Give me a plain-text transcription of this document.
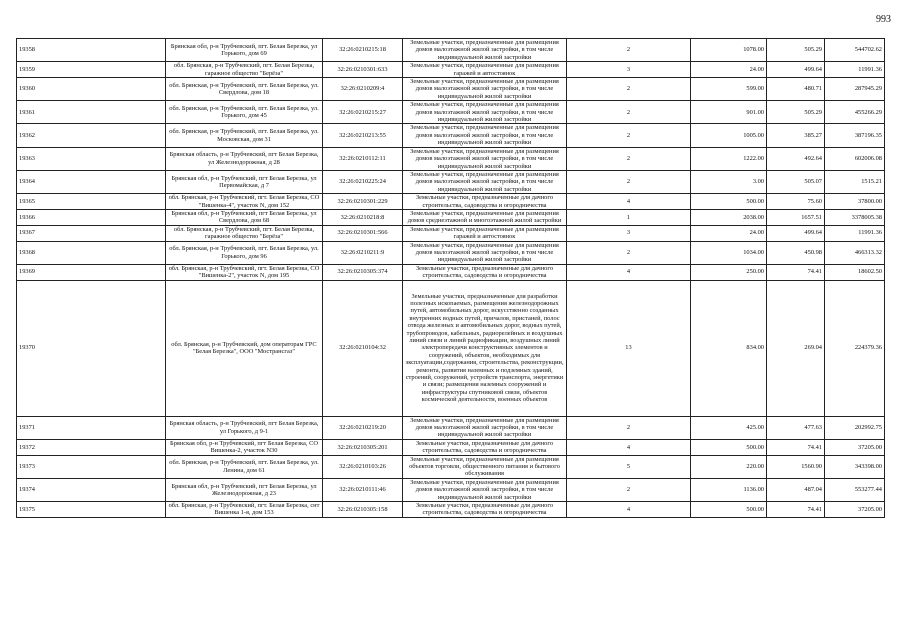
993
19358	Брянская обл, р-н Трубчевский, пгт. Белая Березка, ул Горького, дом 69	32:26:0210215:18	Земельные участки, предназначенные для размещения домов малоэтажной жилой застройки, в том числе индивидуальной жилой застройки	2	1078.00	505.29	544702.62
19359	обл. Брянская, р-н Трубчевский, пгт. Белая Березка, гаражное общество "Берёза"	32:26:0210301:633	Земельные участки, предназначенные для размещения гаражей и автостоянок	3	24.00	499.64	11991.36
19360	обл. Брянская, р-н Трубчевский, пгт. Белая Березка, ул. Свердлова, дом 18	32:26:0210209:4	Земельные участки, предназначенные для размещения домов малоэтажной жилой застройки, в том числе индивидуальной жилой застройки	2	599.00	480.71	287945.29
19361	обл. Брянская, р-н Трубчевский, пгт. Белая Березка, ул. Горького, дом 45	32:26:0210215:27	Земельные участки, предназначенные для размещения домов малоэтажной жилой застройки, в том числе индивидуальной жилой застройки	2	901.00	505.29	455266.29
19362	обл. Брянская, р-н Трубчевский, пгт. Белая Березка, ул. Московская, дом 31	32:26:0210213:55	Земельные участки, предназначенные для размещения домов малоэтажной жилой застройки, в том числе индивидуальной жилой застройки	2	1005.00	385.27	387196.35
19363	Брянская область, р-н Трубчевский, пгт Белая Березка, ул Железнодорожная, д 28	32:26:0210112:11	Земельные участки, предназначенные для размещения домов малоэтажной жилой застройки, в том числе индивидуальной жилой застройки	2	1222.00	492.64	602006.08
19364	Брянская обл, р-н Трубчевский, пгт Белая Березка, ул Первомайская, д 7	32:26:0210225:24	Земельные участки, предназначенные для размещения домов малоэтажной жилой застройки, в том числе индивидуальной жилой застройки	2	3.00	505.07	1515.21
19365	обл. Брянская, р-н Трубчевский, пгт. Белая Березка, СО "Вишенка-4", участок N, дом 152	32:26:0210301:229	Земельные участки, предназначенные для дачного строительства, садоводства и огородничества	4	500.00	75.60	37800.00
19366	Брянская обл, р-н Трубчевский, пгт Белая Березка, ул Свердлова, дом 68	32:26:0210218:8	Земельные участки, предназначенные для размещения домов среднеэтажной и многоэтажной жилой застройки	1	2038.00	1657.51	3378005.38
19367	обл. Брянская, р-н Трубчевский, пгт. Белая Березка, гаражное общество "Берёза"	32:26:0210301:566	Земельные участки, предназначенные для размещения гаражей и автостоянок	3	24.00	499.64	11991.36
19368	обл. Брянская, р-н Трубчевский, пгт. Белая Березка, ул. Горького, дом 96	32:26:0210211:9	Земельные участки, предназначенные для размещения домов малоэтажной жилой застройки, в том числе индивидуальной жилой застройки	2	1034.00	450.98	466313.32
19369	обл. Брянская, р-н Трубчевский, пгт. Белая Березка, СО "Вишенка-2", участок N, дом 195	32:26:0210305:374	Земельные участки, предназначенные для дачного строительства, садоводства и огородничества	4	250.00	74.41	18602.50
19370	обл. Брянская, р-н Трубчевский, дом операторам ГРС "Белая Березка", ООО "Мострансгаз"	32:26:0210104:32	Земельные участки, предназначенные для разработки полезных ископаемых, размещения железнодорожных путей, автомобильных дорог, искусственно созданных внутренних водных путей, причалов, пристаней, полос отвода железных и автомобильных дорог, водных путей, трубопроводов, кабельных, радиорелейных и воздушных линий связи и линий радиофикации, воздушных линий электропередачи конструктивных элементов и сооружений, объектов, необходимых для эксплуатации,содержания, строительства, реконструкции, ремонта, развития наземных и подземных зданий, строений, сооружений, устройств транспорта, энергетики и связи; размещения наземных сооружений и инфраструктуры спутниковой связи, объектов космической деятельности, военных объектов	13	834.00	269.04	224379.36
19371	Брянская область, р-н Трубчевский, пгт Белая Березка, ул Горького, д 9-1	32:26:0210219:20	Земельные участки, предназначенные для размещения домов малоэтажной жилой застройки, в том числе индивидуальной жилой застройки	2	425.00	477.63	202992.75
19372	Брянская обл, р-н Трубчевский, пгт Белая Березка, СО Вишенка-2, участок N30	32:26:0210305:201	Земельные участки, предназначенные для дачного строительства, садоводства и огородничества	4	500.00	74.41	37205.00
19373	обл. Брянская, р-н Трубчевский, пгт. Белая Березка, ул. Ленина, дом 61	32:26:0210103:26	Земельные участки, предназначенные для размещения объектов торговли, общественного питания и бытового обслуживания	5	220.00	1560.90	343398.00
19374	Брянская обл, р-н Трубчевский, пгт Белая Березка, ул Железнодорожная, д 23	32:26:0210111:46	Земельные участки, предназначенные для размещения домов малоэтажной жилой застройки, в том числе индивидуальной жилой застройки	2	1136.00	487.04	553277.44
19375	обл. Брянская, р-н Трубчевский, пгт. Белая Березка, снт Вишенка 1-я, дом 153	32:26:0210305:158	Земельные участки, предназначенные для дачного строительства, садоводства и огородничества	4	500.00	74.41	37205.00
